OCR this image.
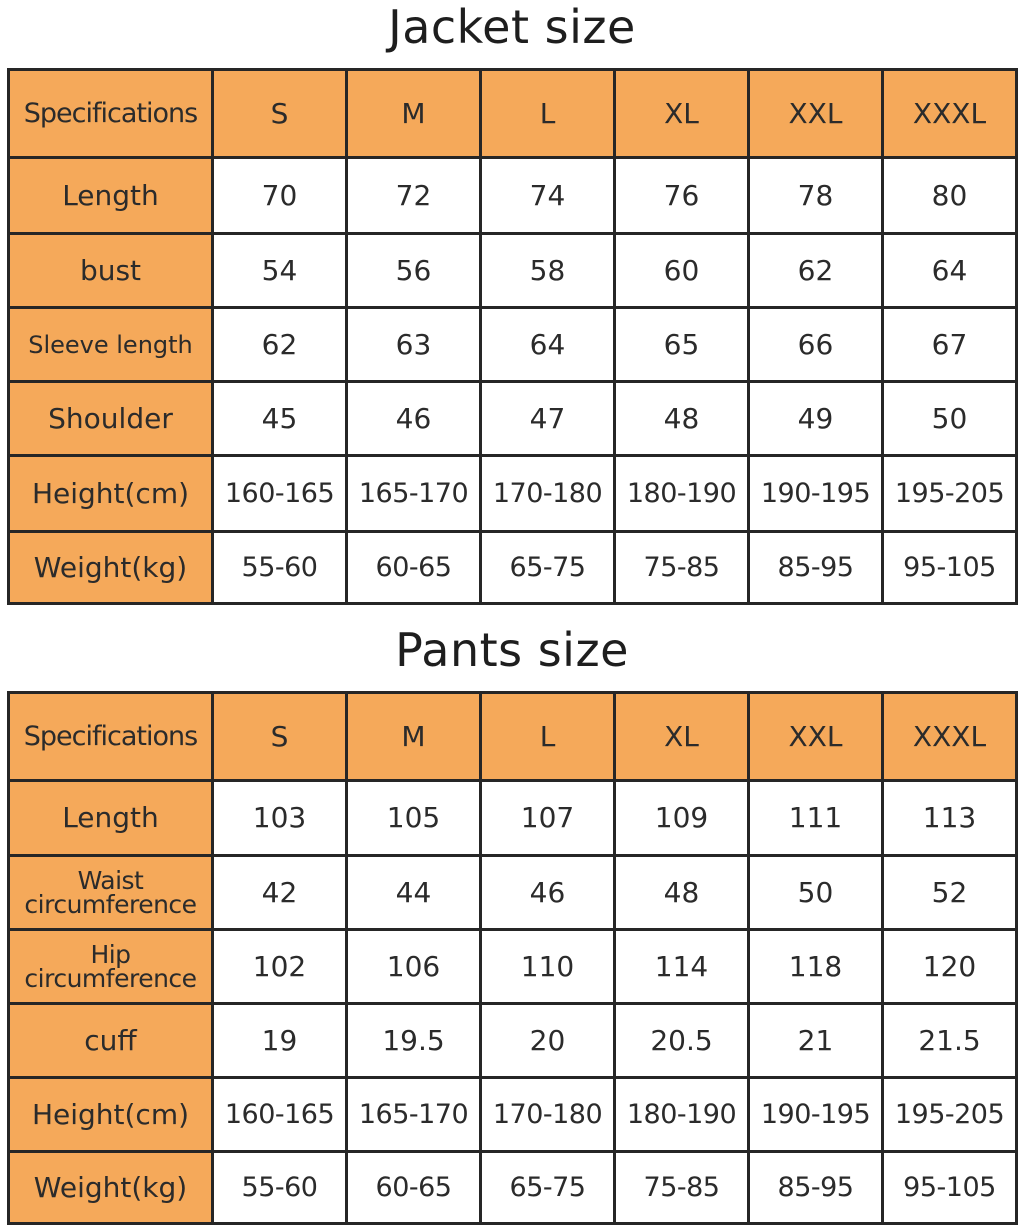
Jacket size
Specifications	S	M	L	XL	XXL	XXXL
Length	70	72	74	76	78	80
bust	54	56	58	60	62	64
Sleeve length	62	63	64	65	66	67
Shoulder	45	46	47	48	49	50
Height(cm)	160-165	165-170	170-180	180-190	190-195	195-205
Weight(kg)	55-60	60-65	65-75	75-85	85-95	95-105
Pants size
Specifications	S	M	L	XL	XXL	XXXL
Length	103	105	107	109	111	113
Waist circumference	42	44	46	48	50	52
Hip circumference	102	106	110	114	118	120
cuff	19	19.5	20	20.5	21	21.5
Height(cm)	160-165	165-170	170-180	180-190	190-195	195-205
Weight(kg)	55-60	60-65	65-75	75-85	85-95	95-105
